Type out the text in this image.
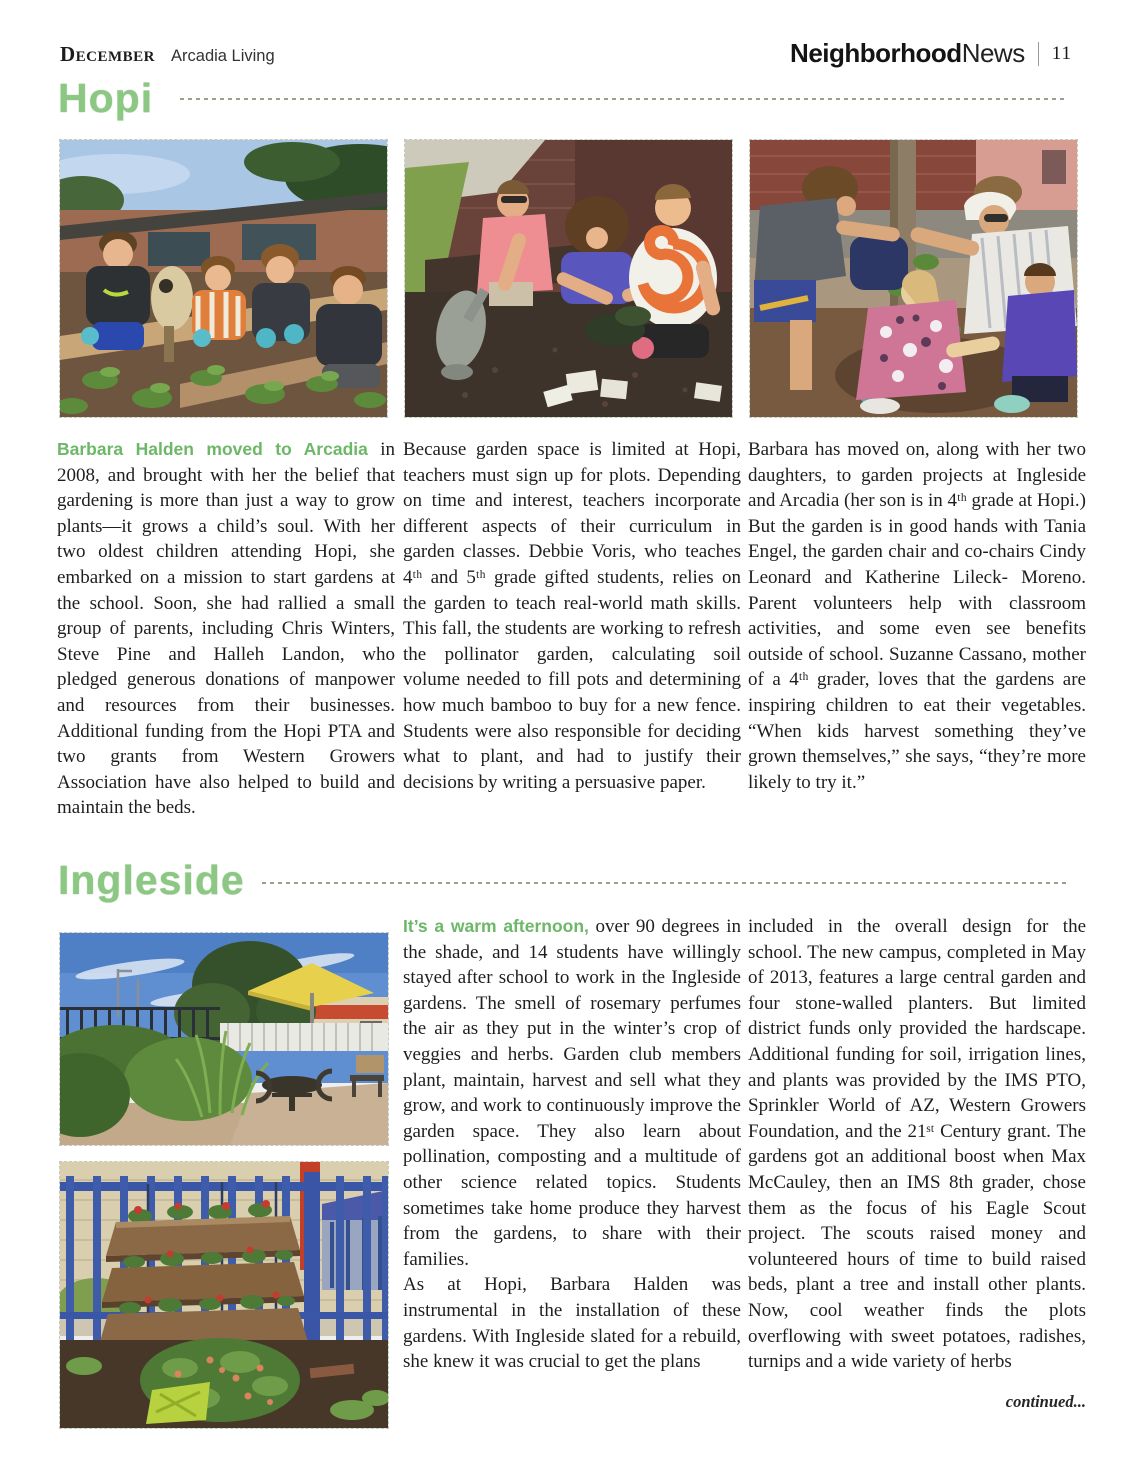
December Arcadia Living	NeighborhoodNews 11
Hopi

Barbara Halden moved to Arcadia in 2008, and brought with her the belief that gardening is more than just a way to grow plants—it grows a child’s soul. With her two oldest children attending Hopi, she embarked on a mission to start gardens at the school. Soon, she had rallied a small group of parents, including Chris Winters, Steve Pine and Halleh Landon, who pledged generous donations of manpower and resources from their businesses. Additional funding from the Hopi PTA and two grants from Western Growers Association have also helped to build and maintain the beds.

Because garden space is limited at Hopi, teachers must sign up for plots. Depending on time and interest, teachers incorporate different aspects of their curriculum in garden classes. Debbie Voris, who teaches 4ᵗʰ and 5ᵗʰ grade gifted students, relies on the garden to teach real-world math skills. This fall, the students are working to refresh the pollinator garden, calculating soil volume needed to fill pots and determining how much bamboo to buy for a new fence. Students were also responsible for deciding what to plant, and had to justify their decisions by writing a persuasive paper.

Barbara has moved on, along with her two daughters, to garden projects at Ingleside and Arcadia (her son is in 4ᵗʰ grade at Hopi.) But the garden is in good hands with Tania Engel, the garden chair and co-chairs Cindy Leonard and Katherine Lileck- Moreno. Parent volunteers help with classroom activities, and some even see benefits outside of school. Suzanne Cassano, mother of a 4ᵗʰ grader, loves that the gardens are inspiring children to eat their vegetables. “When kids harvest something they’ve grown themselves,” she says, “they’re more likely to try it.”

Ingleside

It’s a warm afternoon, over 90 degrees in the shade, and 14 students have willingly stayed after school to work in the Ingleside gardens. The smell of rosemary perfumes the air as they put in the winter’s crop of veggies and herbs. Garden club members plant, maintain, harvest and sell what they grow, and work to continuously improve the garden space. They also learn about pollination, composting and a multitude of other science related topics. Students sometimes take home produce they harvest from the gardens, to share with their families.

As at Hopi, Barbara Halden was instrumental in the installation of these gardens. With Ingleside slated for a rebuild, she knew it was crucial to get the plans

included in the overall design for the school. The new campus, completed in May of 2013, features a large central garden and four stone-walled planters. But limited district funds only provided the hardscape. Additional funding for soil, irrigation lines, and plants was provided by the IMS PTO, Sprinkler World of AZ, Western Growers Foundation, and the 21ˢᵗ Century grant. The gardens got an additional boost when Max McCauley, then an IMS 8th grader, chose them as the focus of his Eagle Scout project. The scouts raised money and volunteered hours of time to build raised beds, plant a tree and install other plants. Now, cool weather finds the plots overflowing with sweet potatoes, radishes, turnips and a wide variety of herbs

continued...
